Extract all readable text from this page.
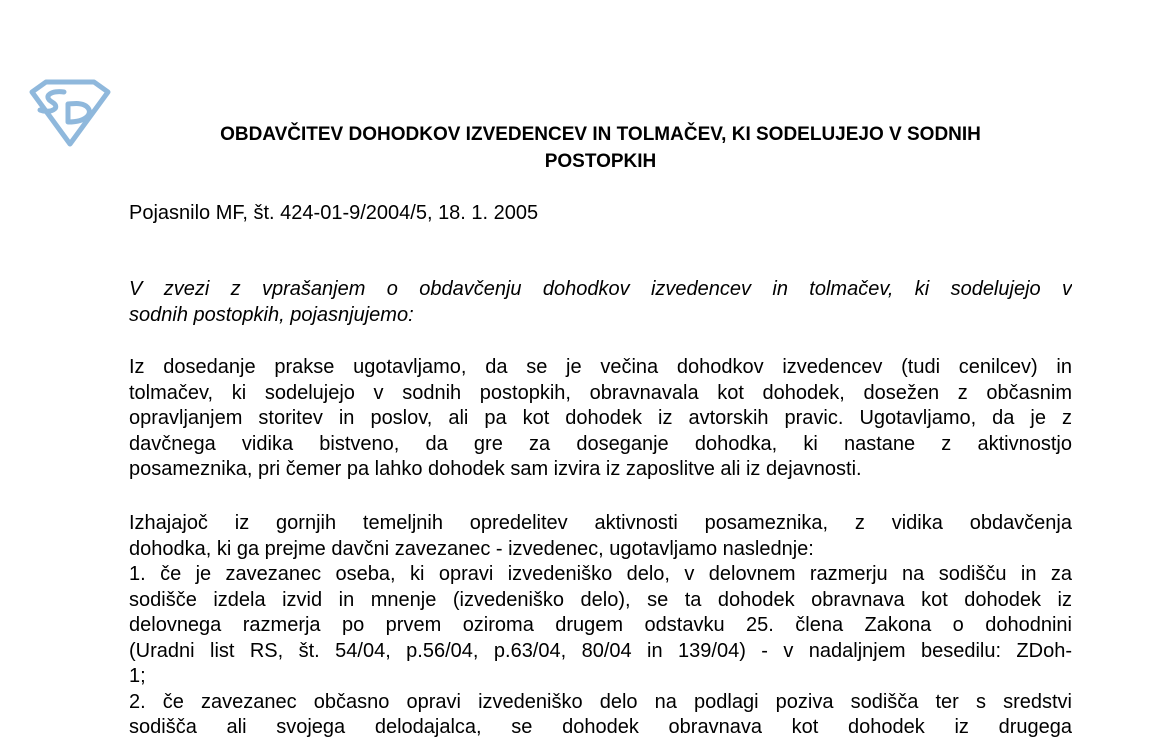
SD
OBDAVČITEV DOHODKOV IZVEDENCEV IN TOLMAČEV, KI SODELUJEJO V SODNIH
POSTOPKIH
Pojasnilo MF, št. 424-01-9/2004/5, 18. 1. 2005
V zvezi z vprašanjem o obdavčenju dohodkov izvedencev in tolmačev, ki sodelujejo v
sodnih postopkih, pojasnjujemo:
Iz dosedanje prakse ugotavljamo, da se je večina dohodkov izvedencev (tudi cenilcev) in
tolmačev, ki sodelujejo v sodnih postopkih, obravnavala kot dohodek, dosežen z občasnim
opravljanjem storitev in poslov, ali pa kot dohodek iz avtorskih pravic. Ugotavljamo, da je z
davčnega vidika bistveno, da gre za doseganje dohodka, ki nastane z aktivnostjo
posameznika, pri čemer pa lahko dohodek sam izvira iz zaposlitve ali iz dejavnosti.
Izhajajoč iz gornjih temeljnih opredelitev aktivnosti posameznika, z vidika obdavčenja
dohodka, ki ga prejme davčni zavezanec - izvedenec, ugotavljamo naslednje:
1. če je zavezanec oseba, ki opravi izvedeniško delo, v delovnem razmerju na sodišču in za
sodišče izdela izvid in mnenje (izvedeniško delo), se ta dohodek obravnava kot dohodek iz
delovnega razmerja po prvem oziroma drugem odstavku 25. člena Zakona o dohodnini
(Uradni list RS, št. 54/04, p.56/04, p.63/04, 80/04 in 139/04) - v nadaljnjem besedilu: ZDoh-
1;
2. če zavezanec občasno opravi izvedeniško delo na podlagi poziva sodišča ter s sredstvi
sodišča ali svojega delodajalca, se dohodek obravnava kot dohodek iz drugega
